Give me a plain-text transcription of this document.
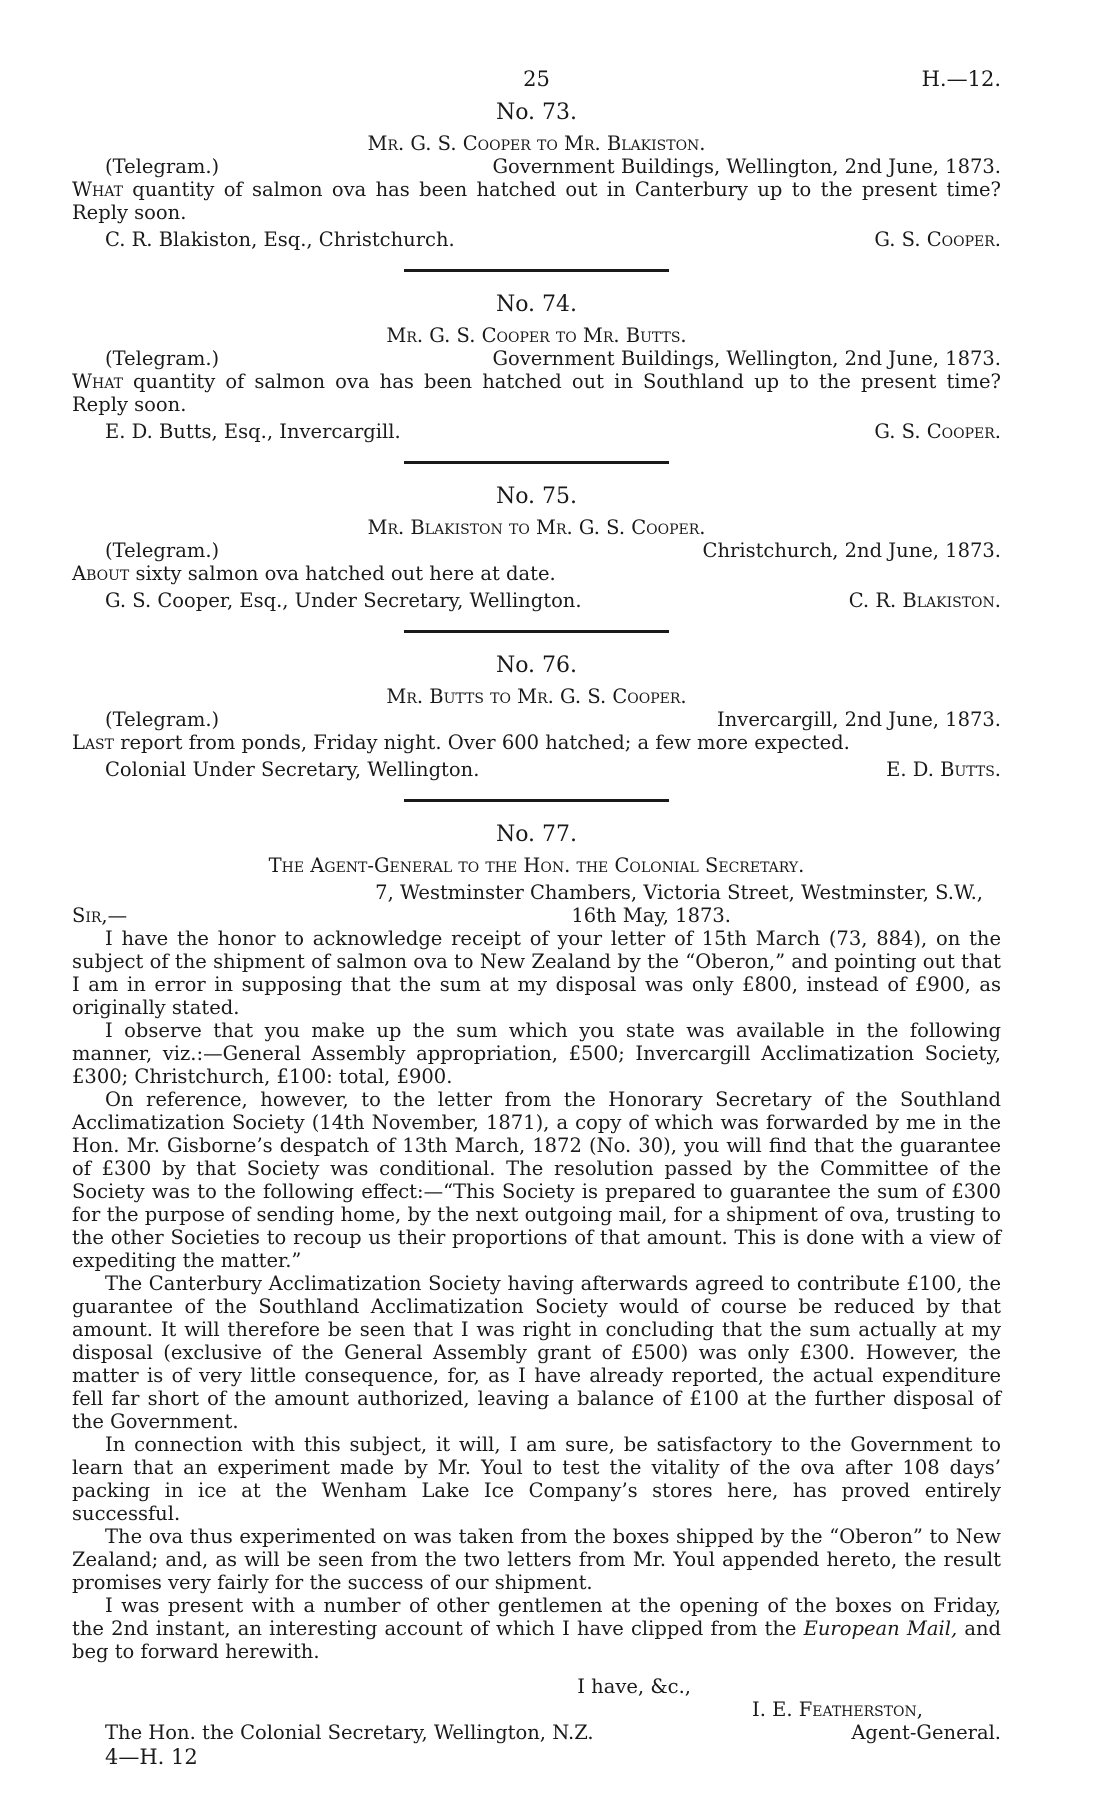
25	H.—12.
No. 73.
Mr. G. S. Cooper to Mr. Blakiston.
(Telegram.)	Government Buildings, Wellington, 2nd June, 1873.

What quantity of salmon ova has been hatched out in Canterbury up to the present time? Reply soon.

C. R. Blakiston, Esq., Christchurch.	G. S. Cooper.
No. 74.
Mr. G. S. Cooper to Mr. Butts.
(Telegram.)	Government Buildings, Wellington, 2nd June, 1873.

What quantity of salmon ova has been hatched out in Southland up to the present time? Reply soon.

E. D. Butts, Esq., Invercargill.	G. S. Cooper.
No. 75.
Mr. Blakiston to Mr. G. S. Cooper.
(Telegram.)	Christchurch, 2nd June, 1873.

About sixty salmon ova hatched out here at date.

G. S. Cooper, Esq., Under Secretary, Wellington.	C. R. Blakiston.
No. 76.
Mr. Butts to Mr. G. S. Cooper.
(Telegram.)	Invercargill, 2nd June, 1873.

Last report from ponds, Friday night. Over 600 hatched; a few more expected.

Colonial Under Secretary, Wellington.	E. D. Butts.
No. 77.
The Agent-General to the Hon. the Colonial Secretary.
7, Westminster Chambers, Victoria Street, Westminster, S.W.,
Sir,—	16th May, 1873.

I have the honor to acknowledge receipt of your letter of 15th March (73, 884), on the subject of the shipment of salmon ova to New Zealand by the “Oberon,” and pointing out that I am in error in supposing that the sum at my disposal was only £800, instead of £900, as originally stated.

I observe that you make up the sum which you state was available in the following manner, viz.:—General Assembly appropriation, £500; Invercargill Acclimatization Society, £300; Christchurch, £100: total, £900.

On reference, however, to the letter from the Honorary Secretary of the Southland Acclimatization Society (14th November, 1871), a copy of which was forwarded by me in the Hon. Mr. Gisborne’s despatch of 13th March, 1872 (No. 30), you will find that the guarantee of £300 by that Society was conditional. The resolution passed by the Committee of the Society was to the following effect:—“This Society is prepared to guarantee the sum of £300 for the purpose of sending home, by the next outgoing mail, for a shipment of ova, trusting to the other Societies to recoup us their proportions of that amount. This is done with a view of expediting the matter.”

The Canterbury Acclimatization Society having afterwards agreed to contribute £100, the guarantee of the Southland Acclimatization Society would of course be reduced by that amount. It will therefore be seen that I was right in concluding that the sum actually at my disposal (exclusive of the General Assembly grant of £500) was only £300. However, the matter is of very little consequence, for, as I have already reported, the actual expenditure fell far short of the amount authorized, leaving a balance of £100 at the further disposal of the Government.

In connection with this subject, it will, I am sure, be satisfactory to the Government to learn that an experiment made by Mr. Youl to test the vitality of the ova after 108 days’ packing in ice at the Wenham Lake Ice Company’s stores here, has proved entirely successful.

The ova thus experimented on was taken from the boxes shipped by the “Oberon” to New Zealand; and, as will be seen from the two letters from Mr. Youl appended hereto, the result promises very fairly for the success of our shipment.

I was present with a number of other gentlemen at the opening of the boxes on Friday, the 2nd instant, an interesting account of which I have clipped from the European Mail, and beg to forward herewith.

I have, &c.,
I. E. Featherston,
The Hon. the Colonial Secretary, Wellington, N.Z.	Agent-General.
4—H. 12
